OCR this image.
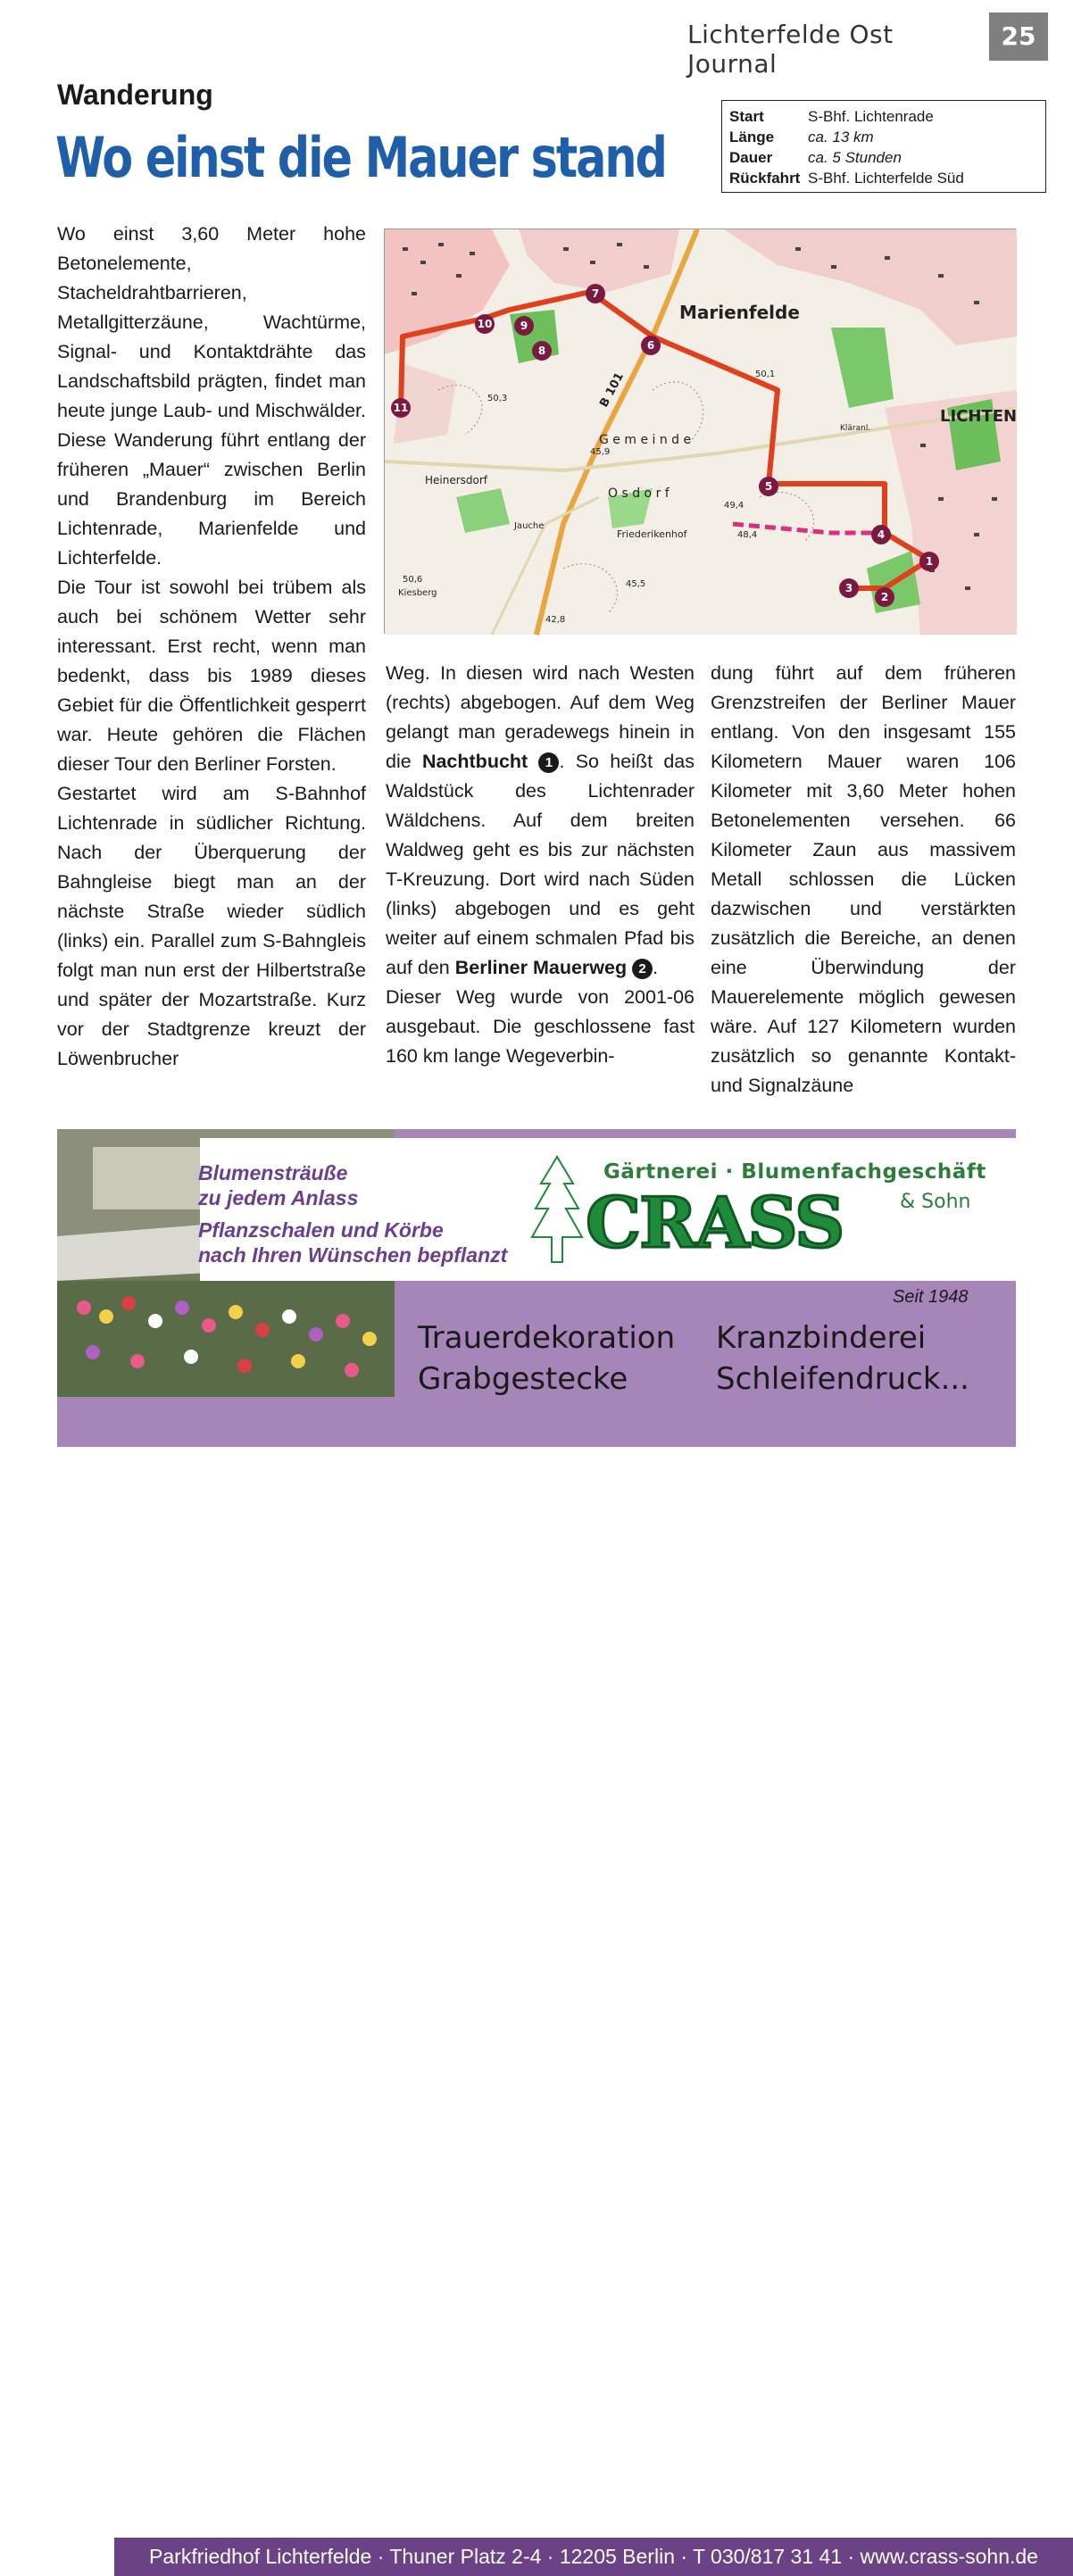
Lichterfelde Ost Journal
25
Wanderung
Wo einst die Mauer stand
Start	S-Bhf. Lichtenrade
Länge	ca. 13 km
Dauer	ca. 5 Stunden
Rückfahrt S-Bhf. Lichterfelde Süd

Wo einst 3,60 Meter hohe Betonelemente, Stacheldrahtbarrieren, Metallgitterzäune, Wachtürme, Signal- und Kontaktdrähte das Landschaftsbild prägten, findet man heute junge Laub- und Mischwälder. Diese Wanderung führt entlang der früheren „Mauer“ zwischen Berlin und Brandenburg im Bereich Lichtenrade, Marienfelde und Lichterfelde.

Die Tour ist sowohl bei trübem als auch bei schönem Wetter sehr interessant. Erst recht, wenn man bedenkt, dass bis 1989 dieses Gebiet für die Öffentlichkeit gesperrt war. Heute gehören die Flächen dieser Tour den Berliner Forsten.

Gestartet wird am S-Bahnhof Lichtenrade in südlicher Richtung. Nach der Überquerung der Bahngleise biegt man an der nächste Straße wieder südlich (links) ein. Parallel zum S-Bahngleis folgt man nun erst der Hilbertstraße und später der Mozartstraße. Kurz vor der Stadtgrenze kreuzt der Löwenbrucher

Marienfelde
LICHTEN
G e m e i n d e
O s d o r f
Heinersdorf
Friederikenhof
Jauche
Kiesberg
B 101
Kläranl.
50,3
50,1
45,9
49,4
48,4
45,5
42,8
50,6
1
2
3
4
5
6
7
8
9
10
11

Weg. In diesen wird nach Westen (rechts) abgebogen. Auf dem Weg gelangt man geradewegs hinein in die Nachtbucht 1 . So heißt das Waldstück des Lichtenrader Wäldchens. Auf dem breiten Waldweg geht es bis zur nächsten T-Kreuzung. Dort wird nach Süden (links) abgebogen und es geht weiter auf einem schmalen Pfad bis auf den Berliner Mauerweg 2 .

Dieser Weg wurde von 2001-06 ausgebaut. Die geschlossene fast 160 km lange Wegeverbin-

dung führt auf dem früheren Grenzstreifen der Berliner Mauer entlang. Von den insgesamt 155 Kilometern Mauer waren 106 Kilometer mit 3,60 Meter hohen Betonelementen versehen. 66 Kilometer Zaun aus massivem Metall schlossen die Lücken dazwischen und verstärkten zusätzlich die Bereiche, an denen eine Überwindung der Mauerelemente möglich gewesen wäre. Auf 127 Kilometern wurden zusätzlich so genannte Kontakt- und Signalzäune

Parkfriedhof Lichterfelde · Thuner Platz 2-4 · 12205 Berlin · T 030/817 31 41 · www.crass-sohn.de
Blumensträuße
zu jedem Anlass
Pflanzschalen und Körbe
nach Ihren Wünschen bepflanzt
Gärtnerei · Blumenfachgeschäft
CRASS	& Sohn
Seit 1948
Trauerdekoration
Grabgestecke
Kranzbinderei
Schleifendruck...
